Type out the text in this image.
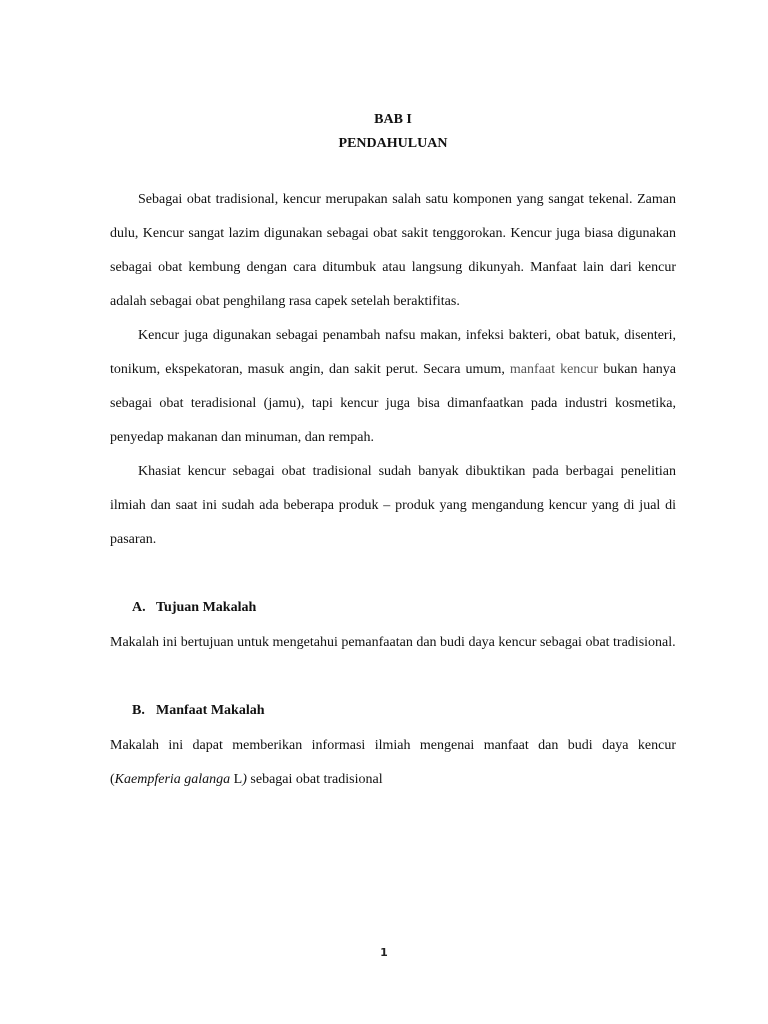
BAB I

PENDAHULUAN

Sebagai obat tradisional, kencur merupakan salah satu komponen yang sangat tekenal. Zaman dulu, Kencur sangat lazim digunakan sebagai obat sakit tenggorokan. Kencur juga biasa digunakan sebagai obat kembung dengan cara ditumbuk atau langsung dikunyah. Manfaat lain dari kencur adalah sebagai obat penghilang rasa capek setelah beraktifitas.

Kencur juga digunakan sebagai penambah nafsu makan, infeksi bakteri, obat batuk, disenteri, tonikum, ekspekatoran, masuk angin, dan sakit perut. Secara umum, manfaat kencur bukan hanya sebagai obat teradisional (jamu), tapi kencur juga bisa dimanfaatkan pada industri kosmetika, penyedap makanan dan minuman, dan rempah.

Khasiat kencur sebagai obat tradisional sudah banyak dibuktikan pada berbagai penelitian ilmiah dan saat ini sudah ada beberapa produk – produk yang mengandung kencur yang di jual di pasaran.

A. Tujuan Makalah

Makalah ini bertujuan untuk mengetahui pemanfaatan dan budi daya kencur sebagai obat tradisional.

B. Manfaat Makalah

Makalah ini dapat memberikan informasi ilmiah mengenai manfaat dan budi daya kencur (Kaempferia galanga L) sebagai obat tradisional

1
